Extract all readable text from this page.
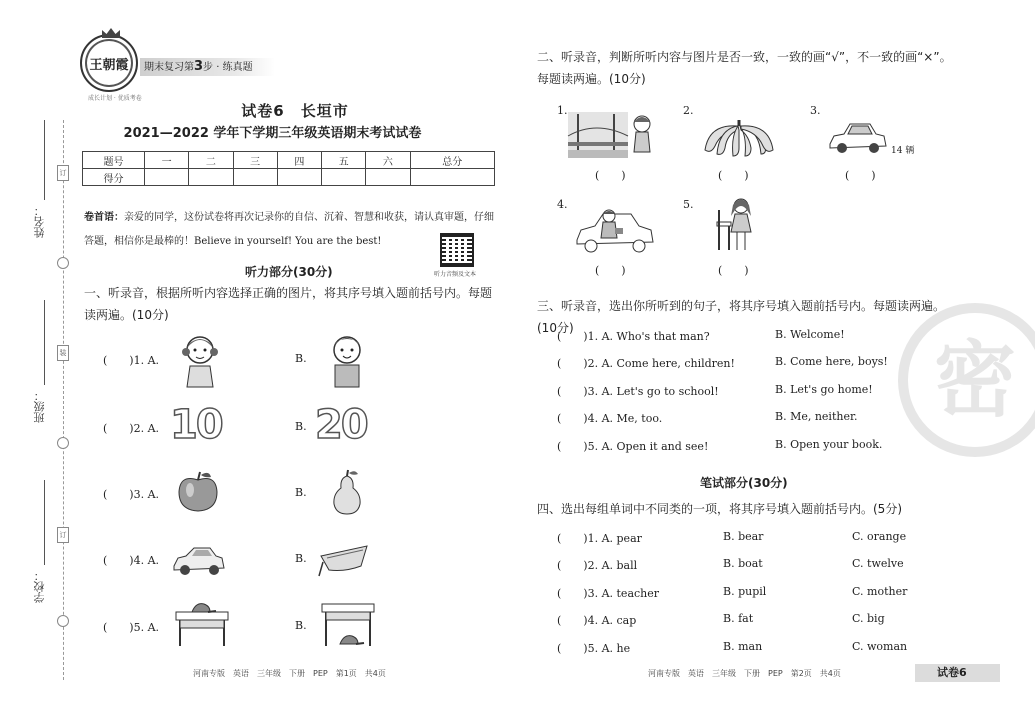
订
装
订
姓名：
班级：
学校：
王朝霞
成长计划 · 优质考卷
期末复习第3步 · 练真题
试卷6　长垣市
2021—2022 学年下学期三年级英语期末考试试卷
题号	一	二	三	四	五	六	总分
得分							
卷首语：亲爱的同学，这份试卷将再次记录你的自信、沉着、智慧和收获，请认真审题，仔细答题，相信你是最棒的！Believe in yourself! You are the best!
听力音频及文本
听力部分(30分)
一、听录音，根据所听内容选择正确的图片，将其序号填入题前括号内。每题读两遍。(10分)
(　　)1. A.	B.
(　　)2. A.	B.
(　　)3. A.	B.
(　　)4. A.	B.
(　　)5. A.	B.
10 20
二、听录音，判断所听内容与图片是否一致，一致的画“√”，不一致的画“×”。每题读两遍。(10分)
1.	2.	3.
4.	5.
14 辆
(　　)	(　　)	(　　)
(　　)	(　　)
三、听录音，选出你所听到的句子，将其序号填入题前括号内。每题读两遍。(10分)
(　　)1. A. Who's that man?	B. Welcome!
(　　)2. A. Come here, children!	B. Come here, boys!
(　　)3. A. Let's go to school!	B. Let's go home!
(　　)4. A. Me, too.	B. Me, neither.
(　　)5. A. Open it and see!	B. Open your book.
笔试部分(30分)
四、选出每组单词中不同类的一项，将其序号填入题前括号内。(5分)
(　　)1. A. pear	B. bear	C. orange
(　　)2. A. ball	B. boat	C. twelve
(　　)3. A. teacher	B. pupil	C. mother
(　　)4. A. cap	B. fat	C. big
(　　)5. A. he	B. man	C. woman
密
河南专版　英语　三年级　下册　PEP　第1页　共4页	河南专版　英语　三年级　下册　PEP　第2页　共4页	试卷6
